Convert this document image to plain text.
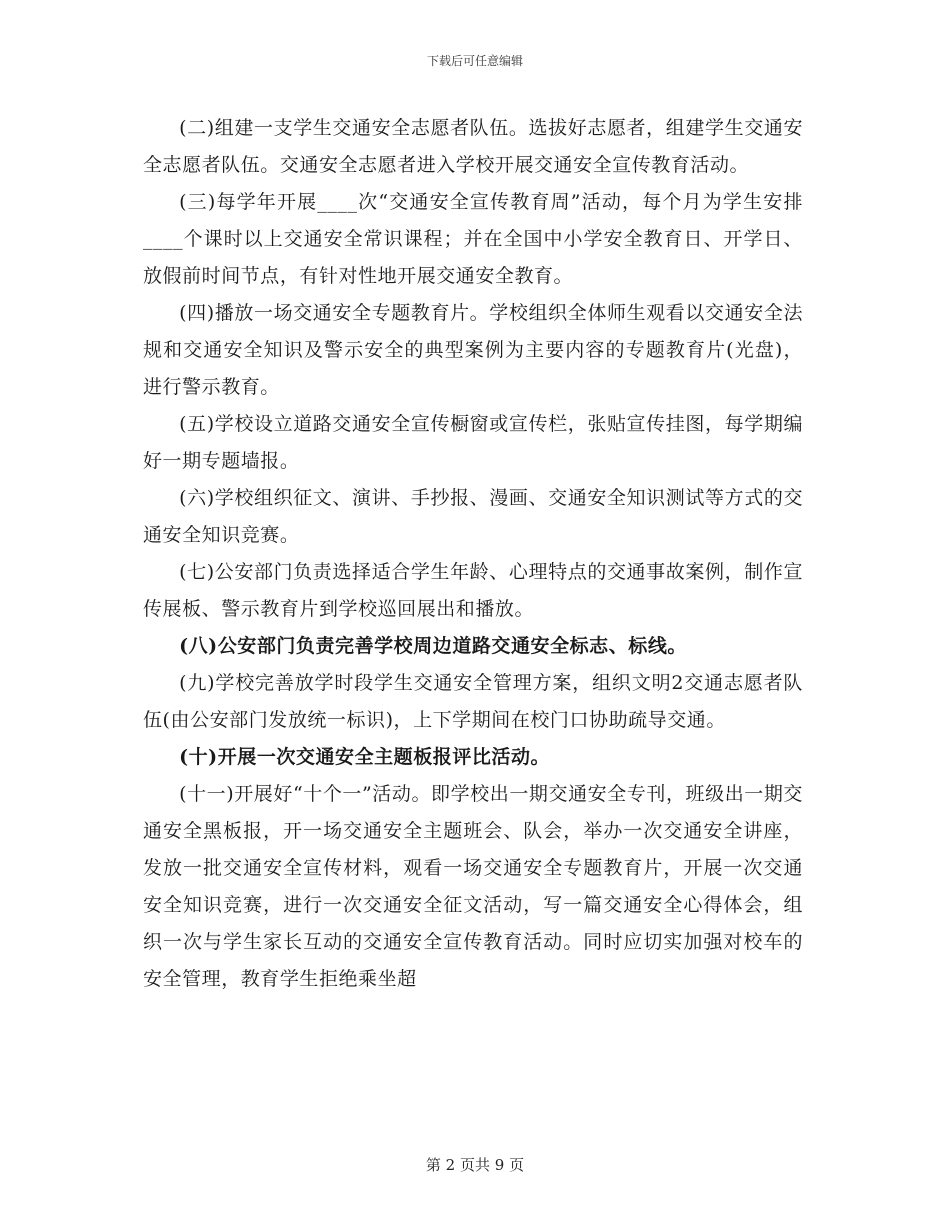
下载后可任意编辑

(二)组建一支学生交通安全志愿者队伍。选拔好志愿者，组建学生交通安全志愿者队伍。交通安全志愿者进入学校开展交通安全宣传教育活动。

(三)每学年开展____次“交通安全宣传教育周”活动，每个月为学生安排____个课时以上交通安全常识课程；并在全国中小学安全教育日、开学日、放假前时间节点，有针对性地开展交通安全教育。

(四)播放一场交通安全专题教育片。学校组织全体师生观看以交通安全法规和交通安全知识及警示安全的典型案例为主要内容的专题教育片(光盘)，进行警示教育。

(五)学校设立道路交通安全宣传橱窗或宣传栏，张贴宣传挂图，每学期编好一期专题墙报。

(六)学校组织征文、演讲、手抄报、漫画、交通安全知识测试等方式的交通安全知识竞赛。

(七)公安部门负责选择适合学生年龄、心理特点的交通事故案例，制作宣传展板、警示教育片到学校巡回展出和播放。

(八)公安部门负责完善学校周边道路交通安全标志、标线。

(九)学校完善放学时段学生交通安全管理方案，组织文明2交通志愿者队伍(由公安部门发放统一标识)，上下学期间在校门口协助疏导交通。

(十)开展一次交通安全主题板报评比活动。

(十一)开展好“十个一”活动。即学校出一期交通安全专刊，班级出一期交通安全黑板报，开一场交通安全主题班会、队会，举办一次交通安全讲座，发放一批交通安全宣传材料，观看一场交通安全专题教育片，开展一次交通安全知识竞赛，进行一次交通安全征文活动，写一篇交通安全心得体会，组织一次与学生家长互动的交通安全宣传教育活动。同时应切实加强对校车的安全管理，教育学生拒绝乘坐超

第 2 页共 9 页
